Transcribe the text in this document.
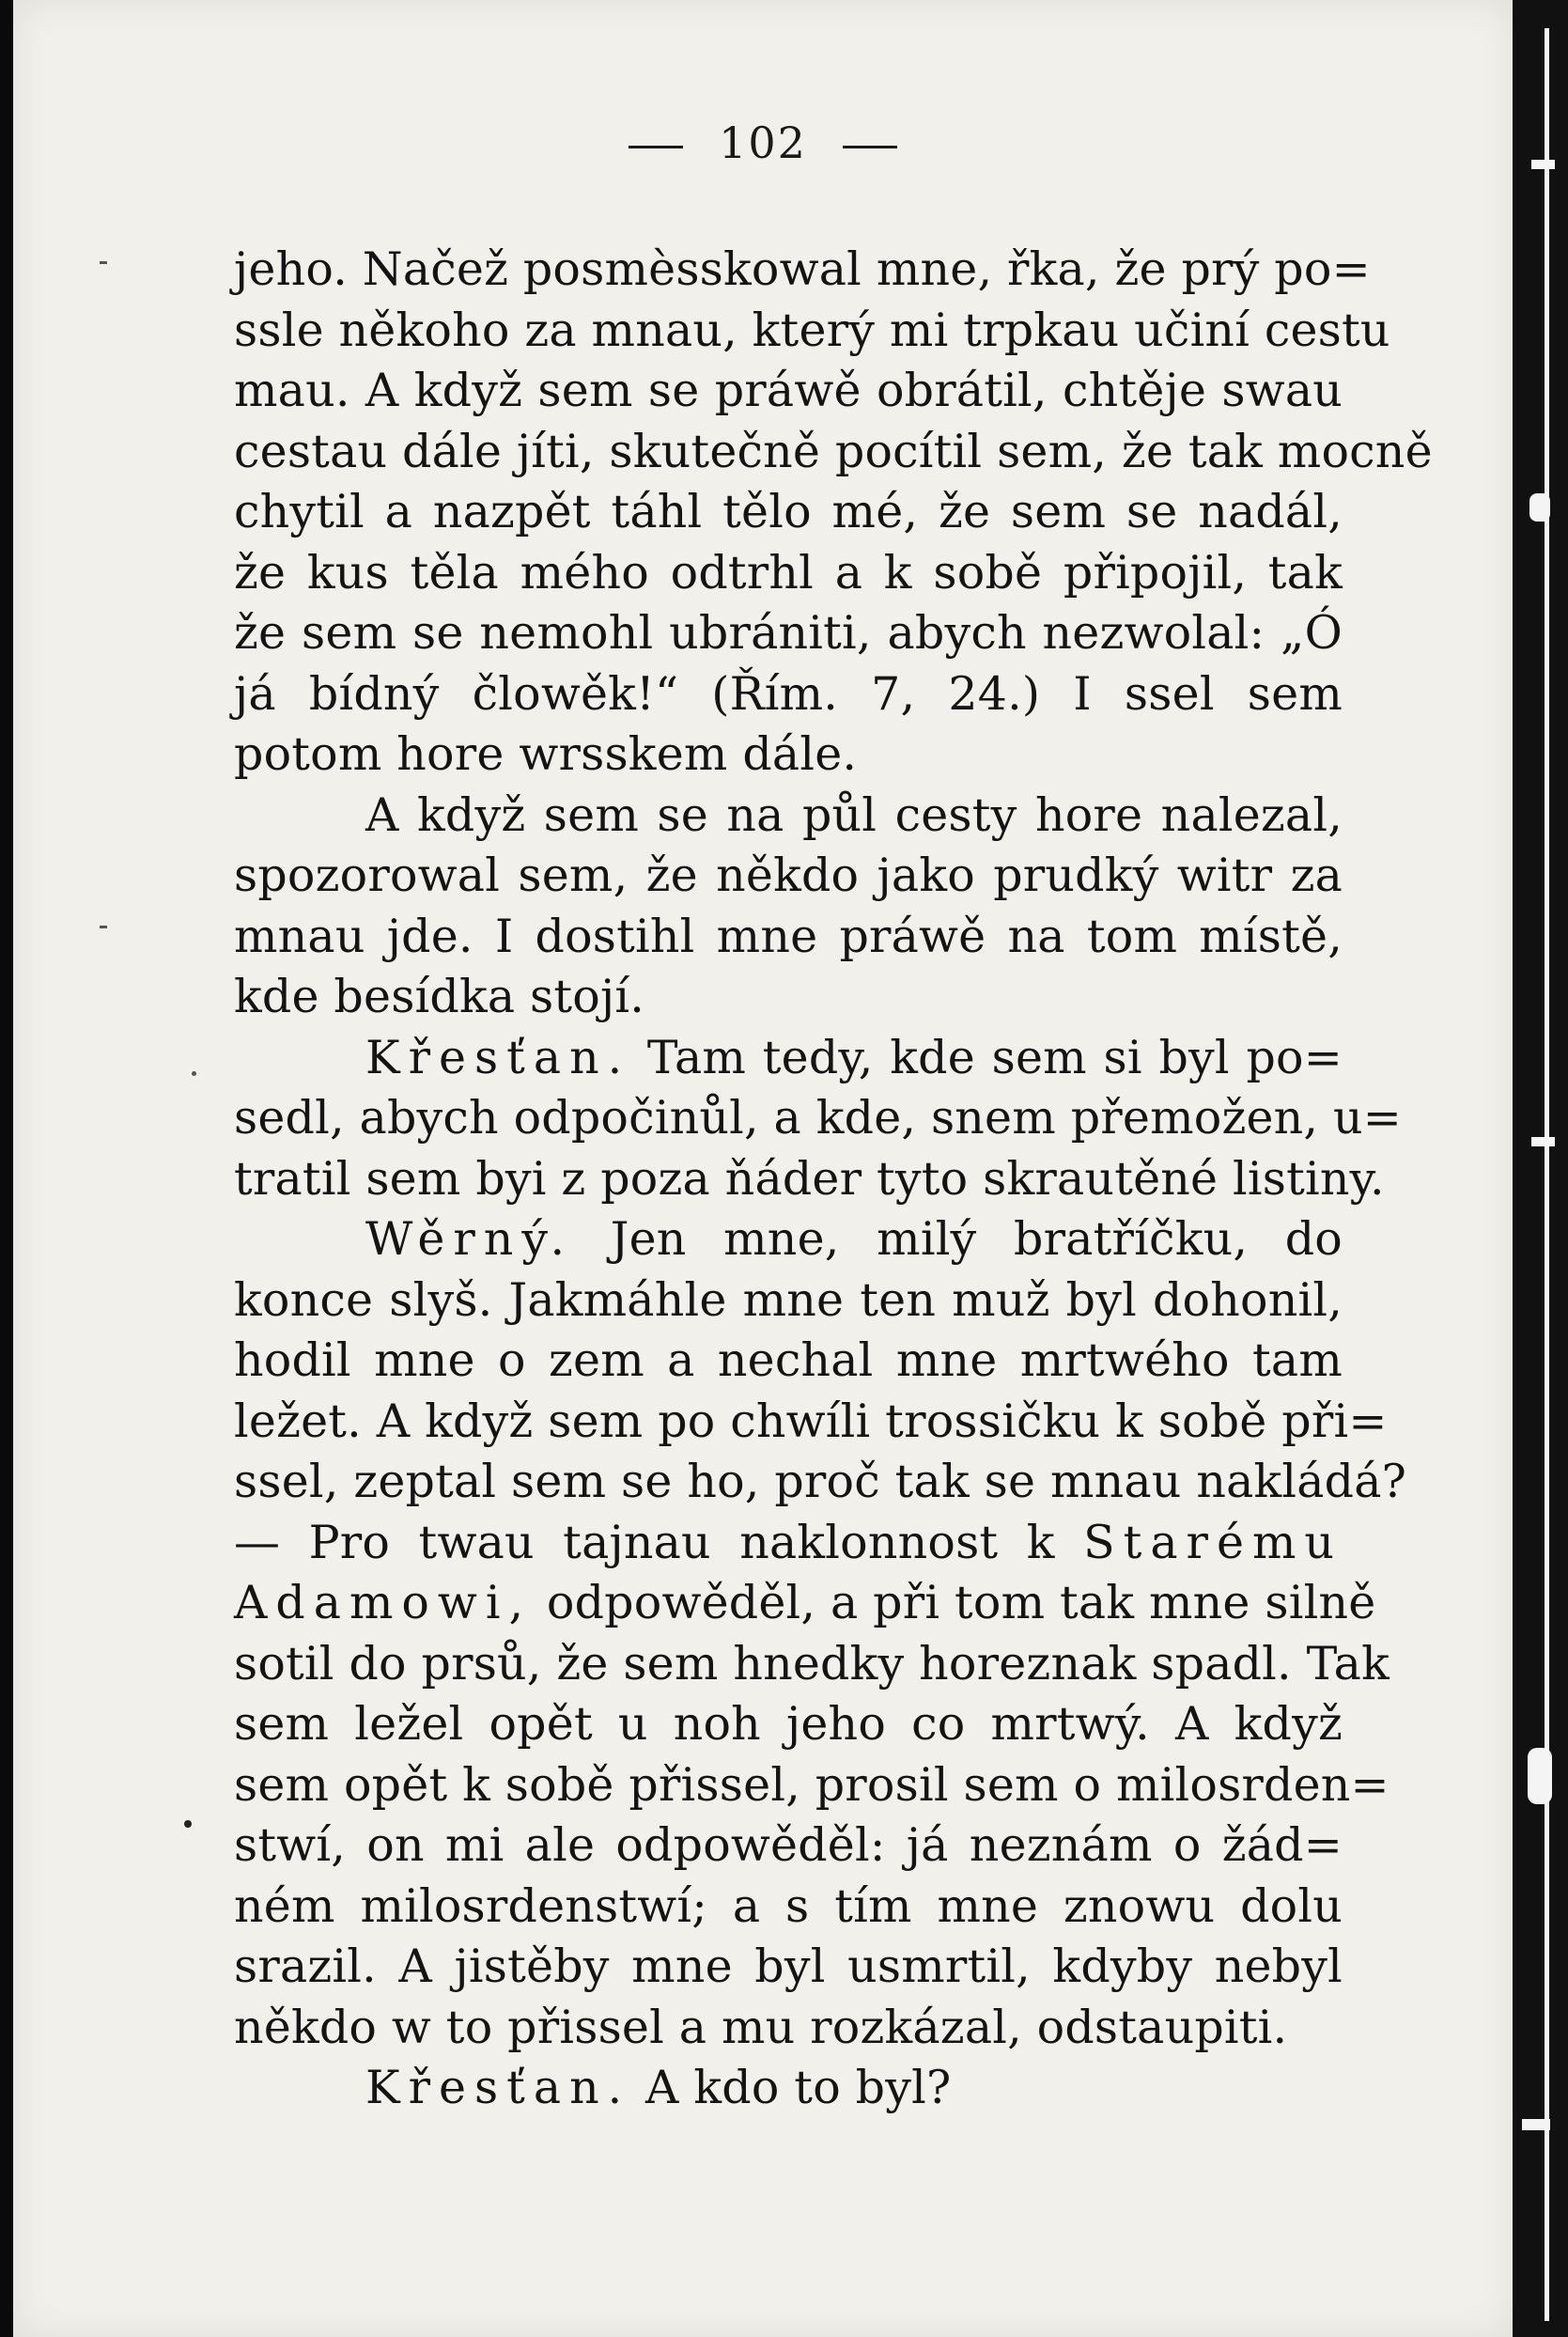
102
jeho. Načež posmèsskowal mne, řka, že prý po=
ssle někoho za mnau, který mi trpkau učiní cestu
mau. A když sem se práwě obrátil, chtěje swau
cestau dále jíti, skutečně pocítil sem, že tak mocně
chytil a nazpět táhl tělo mé, že sem se nadál,
že kus těla mého odtrhl a k sobě připojil, tak
že sem se nemohl ubrániti, abych nezwolal: „Ó
já bídný člowěk!“ (Řím. 7, 24.) I ssel sem
potom hore wrsskem dále.
A když sem se na půl cesty hore nalezal,
spozorowal sem, že někdo jako prudký witr za
mnau jde. I dostihl mne práwě na tom místě,
kde besídka stojí.
Křesťan. Tam tedy, kde sem si byl po=
sedl, abych odpočinůl, a kde, snem přemožen, u=
tratil sem byi z poza ňáder tyto skrautěné listiny.
Wěrný. Jen mne, milý bratříčku, do
konce slyš. Jakmáhle mne ten muž byl dohonil,
hodil mne o zem a nechal mne mrtwého tam
ležet. A když sem po chwíli trossičku k sobě při=
ssel, zeptal sem se ho, proč tak se mnau nakládá?
— Pro twau tajnau naklonnost k Starému
Adamowi, odpowěděl, a při tom tak mne silně
sotil do prsů, že sem hnedky horeznak spadl. Tak
sem ležel opět u noh jeho co mrtwý. A když
sem opět k sobě přissel, prosil sem o milosrden=
stwí, on mi ale odpowěděl: já neznám o žád=
ném milosrdenstwí; a s tím mne znowu dolu
srazil. A jistěby mne byl usmrtil, kdyby nebyl
někdo w to přissel a mu rozkázal, odstaupiti.
Křesťan. A kdo to byl?
